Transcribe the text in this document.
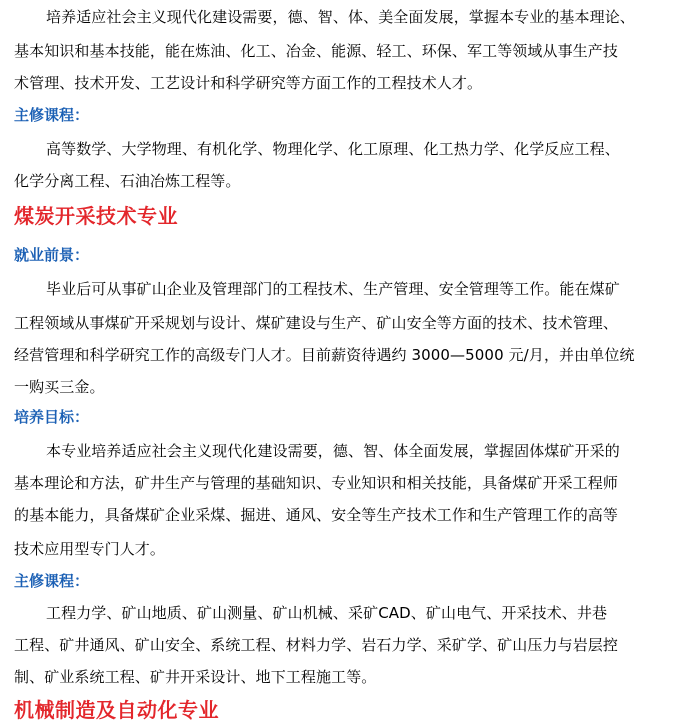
培养适应社会主义现代化建设需要，德、智、体、美全面发展，掌握本专业的基本理论、
基本知识和基本技能，能在炼油、化工、冶金、能源、轻工、环保、军工等领域从事生产技
术管理、技术开发、工艺设计和科学研究等方面工作的工程技术人才。
主修课程：
高等数学、大学物理、有机化学、物理化学、化工原理、化工热力学、化学反应工程、
化学分离工程、石油冶炼工程等。
煤炭开采技术专业
就业前景：
毕业后可从事矿山企业及管理部门的工程技术、生产管理、安全管理等工作。能在煤矿
工程领域从事煤矿开采规划与设计、煤矿建设与生产、矿山安全等方面的技术、技术管理、
经营管理和科学研究工作的高级专门人才。目前薪资待遇约 3000—5000 元/月，并由单位统
一购买三金。
培养目标：
本专业培养适应社会主义现代化建设需要，德、智、体全面发展，掌握固体煤矿开采的
基本理论和方法，矿井生产与管理的基础知识、专业知识和相关技能，具备煤矿开采工程师
的基本能力，具备煤矿企业采煤、掘进、通风、安全等生产技术工作和生产管理工作的高等
技术应用型专门人才。
主修课程：
工程力学、矿山地质、矿山测量、矿山机械、采矿CAD、矿山电气、开采技术、井巷
工程、矿井通风、矿山安全、系统工程、材料力学、岩石力学、采矿学、矿山压力与岩层控
制、矿业系统工程、矿井开采设计、地下工程施工等。
机械制造及自动化专业
